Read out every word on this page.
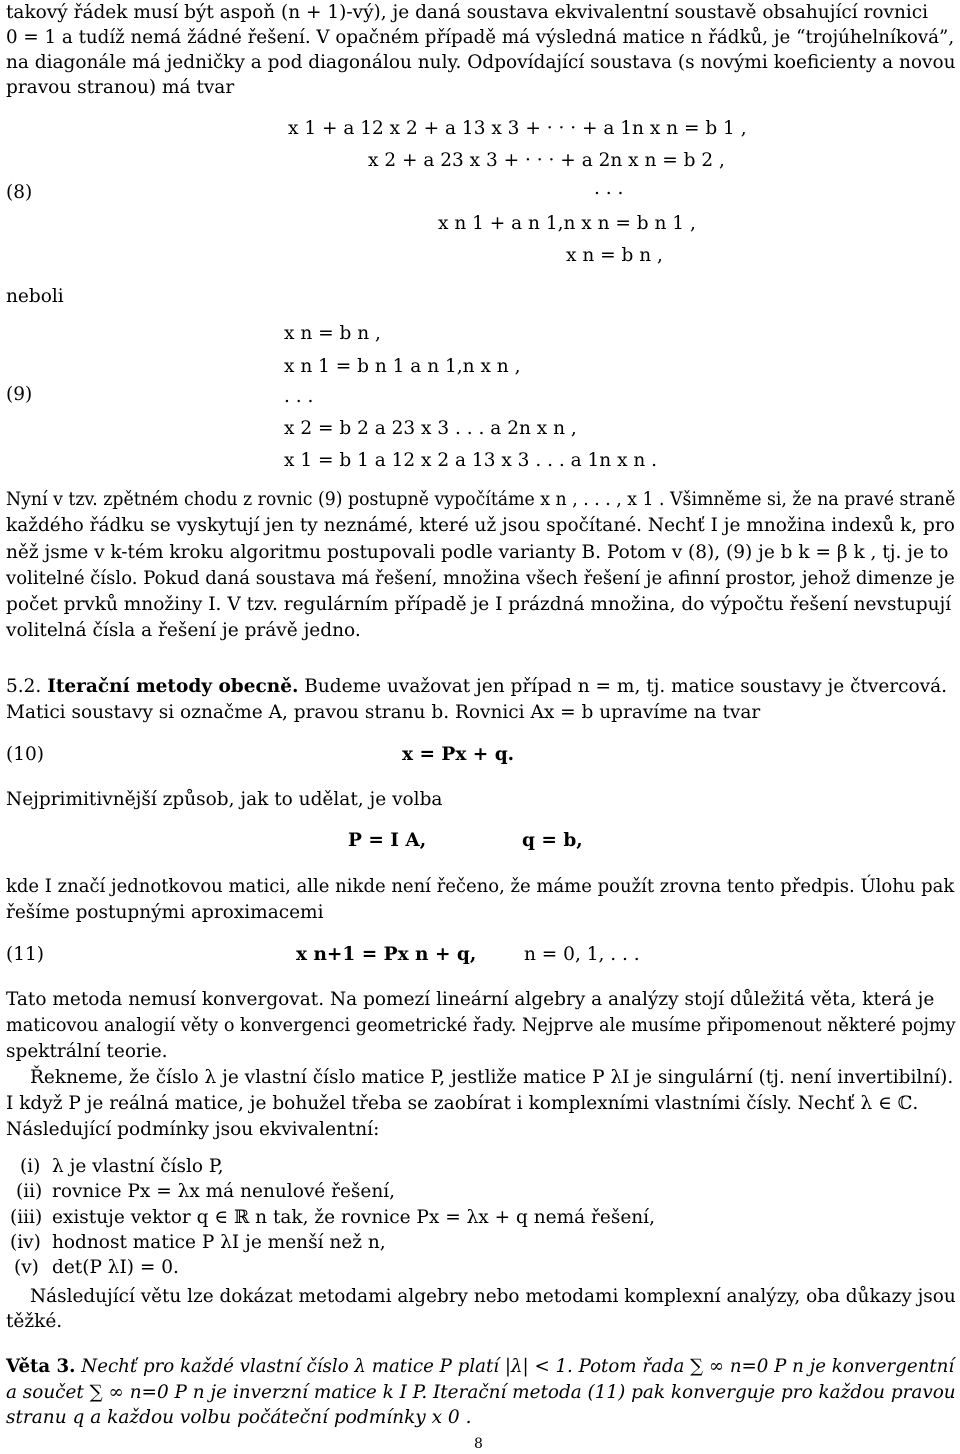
takový řádek musí být aspoň (n + 1)-vý), je daná soustava ekvivalentní soustavě obsahující rovnici
0 = 1 a tudíž nemá žádné řešení. V opačném případě má výsledná matice n řádků, je “trojúhelníková”,
na diagonále má jedničky a pod diagonálou nuly. Odpovídající soustava (s novými koeficienty a novou
pravou stranou) má tvar
(8)
x 1 + a 12 x 2 + a 13 x 3 + · · · + a 1n x n = b 1 ,
x 2 + a 23 x 3 + · · · + a 2n x n = b 2 ,
. . .
x n 1 + a n 1,n x n = b n 1 ,
x n = b n ,
neboli
(9)
x n = b n ,
x n 1 = b n 1 a n 1,n x n ,
. . .
x 2 = b 2 a 23 x 3 . . . a 2n x n ,
x 1 = b 1 a 12 x 2 a 13 x 3 . . . a 1n x n .
Nyní v tzv. zpětném chodu z rovnic (9) postupně vypočítáme x n , . . . , x 1 . Všimněme si, že na pravé straně
každého řádku se vyskytují jen ty neznámé, které už jsou spočítané. Nechť I je množina indexů k, pro
něž jsme v k-tém kroku algoritmu postupovali podle varianty B. Potom v (8), (9) je b k = β k , tj. je to
volitelné číslo. Pokud daná soustava má řešení, množina všech řešení je afinní prostor, jehož dimenze je
počet prvků množiny I. V tzv. regulárním případě je I prázdná množina, do výpočtu řešení nevstupují
volitelná čísla a řešení je právě jedno.
5.2. Iterační metody obecně. Budeme uvažovat jen případ n = m, tj. matice soustavy je čtvercová.
Matici soustavy si označme A, pravou stranu b. Rovnici Ax = b upravíme na tvar
(10)	x = Px + q.
Nejprimitivnější způsob, jak to udělat, je volba
P = I A,	q = b,
kde I značí jednotkovou matici, alle nikde není řečeno, že máme použít zrovna tento předpis. Úlohu pak
řešíme postupnými aproximacemi
(11)	x n+1 = Px n + q,	n = 0, 1, . . .
Tato metoda nemusí konvergovat. Na pomezí lineární algebry a analýzy stojí důležitá věta, která je
maticovou analogií věty o konvergenci geometrické řady. Nejprve ale musíme připomenout některé pojmy
spektrální teorie.
Řekneme, že číslo λ je vlastní číslo matice P, jestliže matice P λI je singulární (tj. není invertibilní).
I když P je reálná matice, je bohužel třeba se zaobírat i komplexními vlastními čísly. Nechť λ ∈ ℂ.
Následující podmínky jsou ekvivalentní:
(i) λ je vlastní číslo P,
(ii) rovnice Px = λx má nenulové řešení,
(iii) existuje vektor q ∈ ℝ n tak, že rovnice Px = λx + q nemá řešení,
(iv) hodnost matice P λI je menší než n,
(v) det(P λI) = 0.
Následující větu lze dokázat metodami algebry nebo metodami komplexní analýzy, oba důkazy jsou
těžké.
Věta 3. Nechť pro každé vlastní číslo λ matice P platí |λ| < 1. Potom řada ∑ ∞ n=0 P n je konvergentní
a součet ∑ ∞ n=0 P n je inverzní matice k I P. Iterační metoda (11) pak konverguje pro každou pravou
stranu q a každou volbu počáteční podmínky x 0 .
8
